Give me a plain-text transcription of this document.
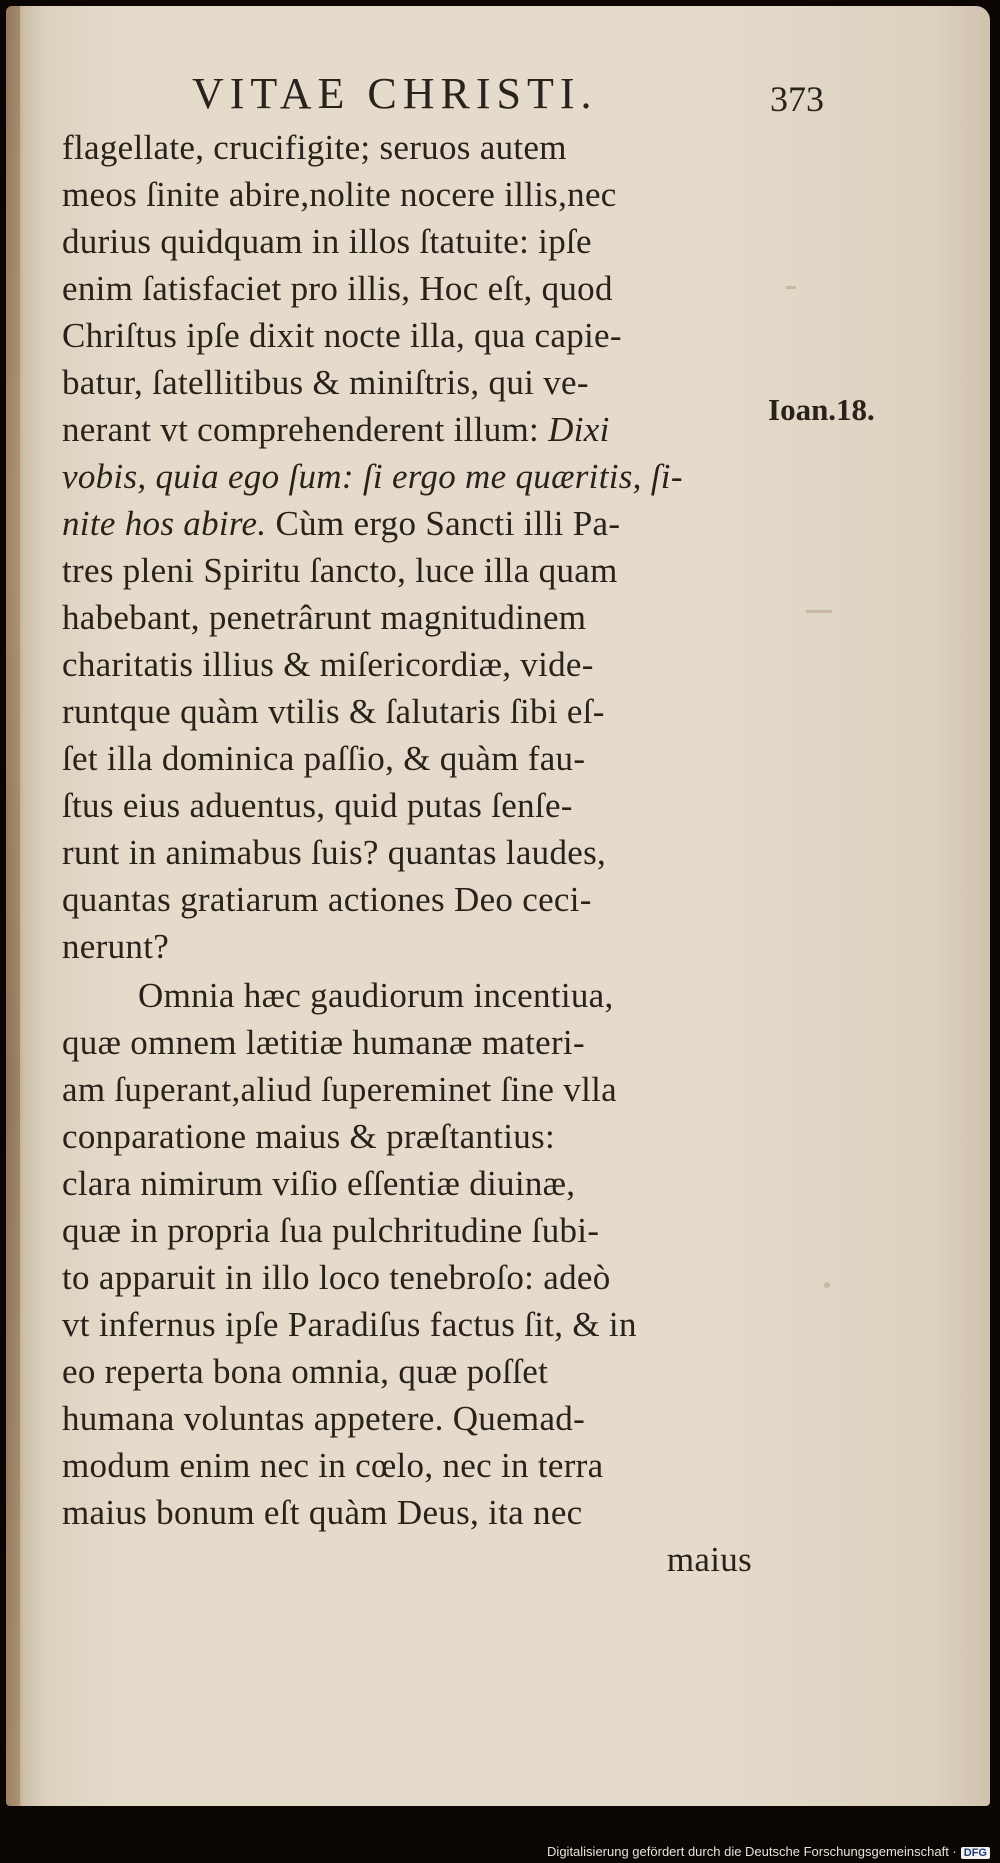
VITAE CHRISTI.	373
Ioan.18.
flagellate, crucifigite; seruos autem
meos ſinite abire,nolite nocere illis,nec
durius quidquam in illos ſtatuite: ipſe
enim ſatisfaciet pro illis, Hoc eſt, quod
Chriſtus ipſe dixit nocte illa, qua capie-
batur, ſatellitibus & miniſtris, qui ve-
nerant vt comprehenderent illum: Dixi
vobis, quia ego ſum: ſi ergo me quæritis, ſi-
nite hos abire. Cùm ergo Sancti illi Pa-
tres pleni Spiritu ſancto, luce illa quam
habebant, penetrârunt magnitudinem
charitatis illius & miſericordiæ, vide-
runtque quàm vtilis & ſalutaris ſibi eſ-
ſet illa dominica paſſio, & quàm fau-
ſtus eius aduentus, quid putas ſenſe-
runt in animabus ſuis? quantas laudes,
quantas gratiarum actiones Deo ceci-
nerunt?
Omnia hæc gaudiorum incentiua,
quæ omnem lætitiæ humanæ materi-
am ſuperant,aliud ſupereminet ſine vlla
conparatione maius & præſtantius:
clara nimirum viſio eſſentiæ diuinæ,
quæ in propria ſua pulchritudine ſubi-
to apparuit in illo loco tenebroſo: adeò
vt infernus ipſe Paradiſus factus ſit, & in
eo reperta bona omnia, quæ poſſet
humana voluntas appetere. Quemad-
modum enim nec in cœlo, nec in terra
maius bonum eſt quàm Deus, ita nec
maius
Digitalisierung gefördert durch die Deutsche Forschungsgemeinschaft · DFG
